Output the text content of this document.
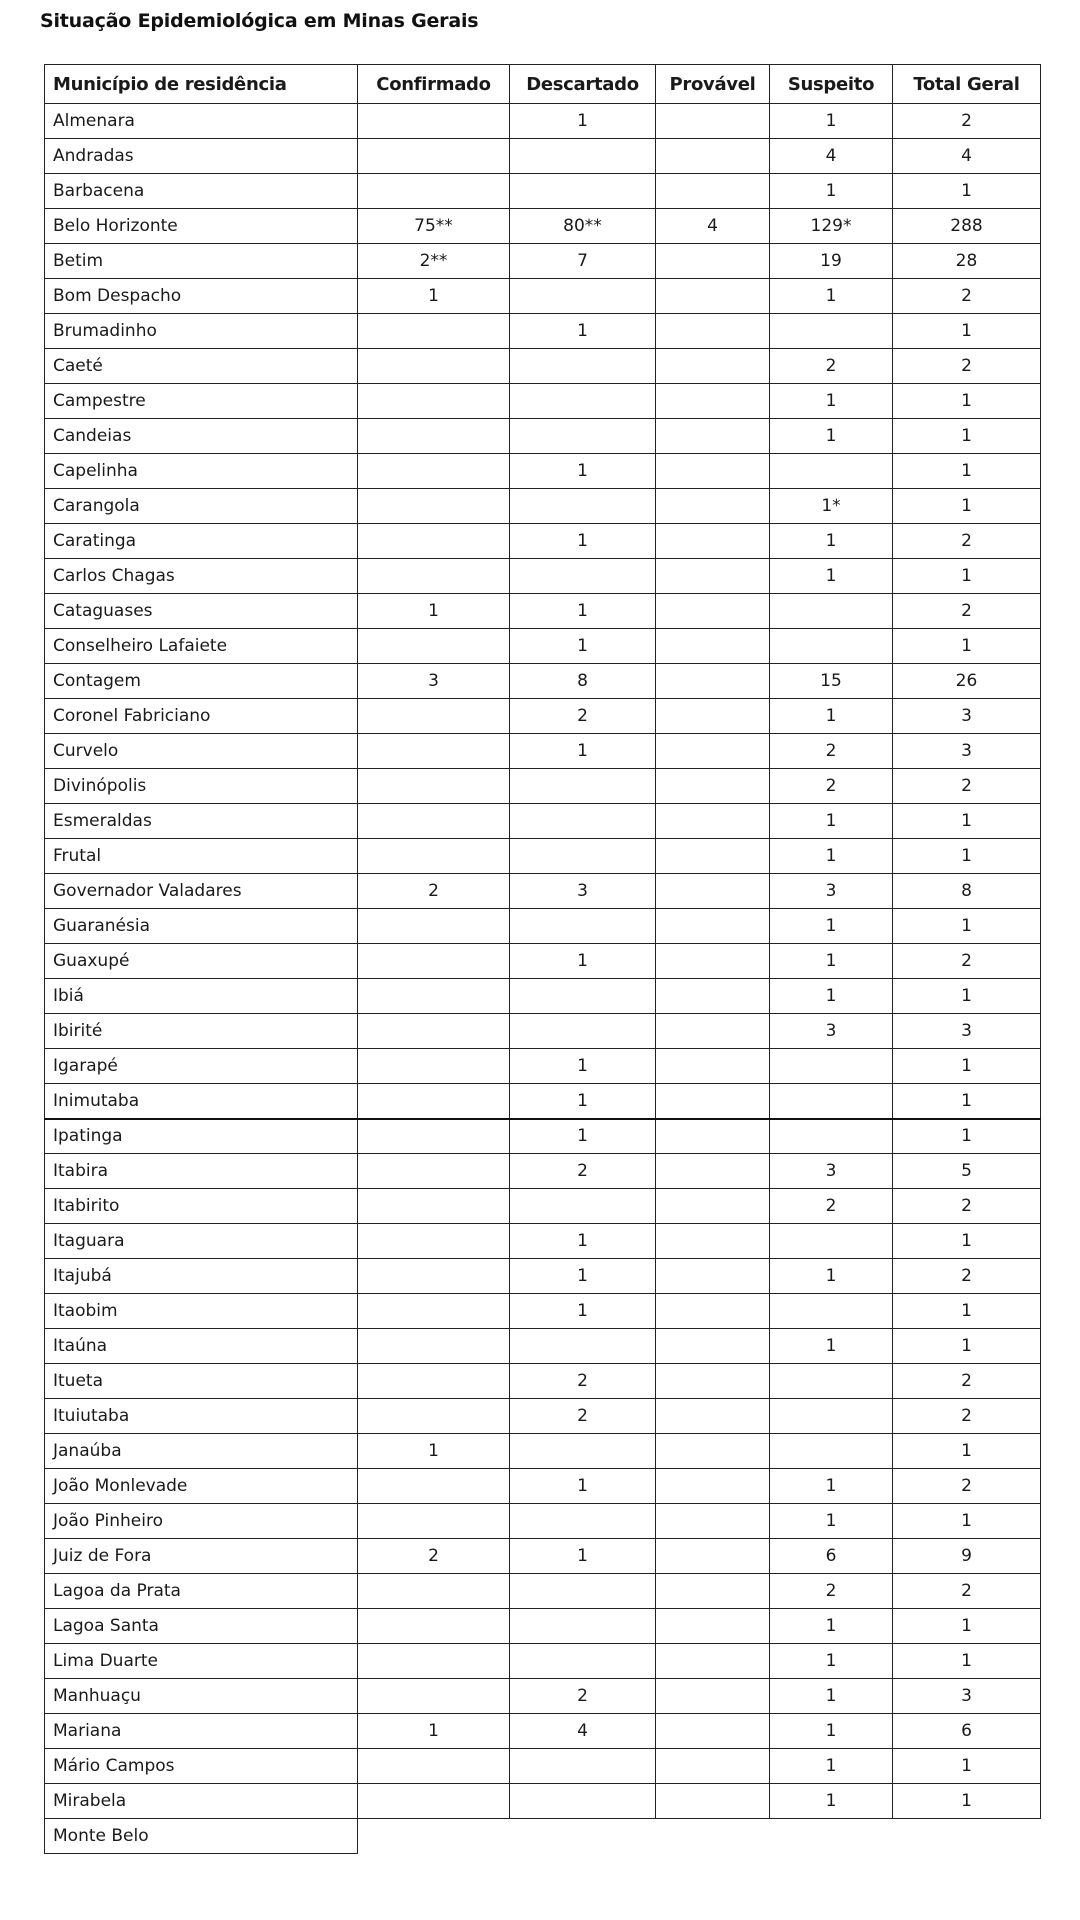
Situação Epidemiológica em Minas Gerais
Município de residência	Confirmado	Descartado	Provável	Suspeito	Total Geral
Almenara		1		1	2
Andradas				4	4
Barbacena				1	1
Belo Horizonte	75**	80**	4	129*	288
Betim	2**	7		19	28
Bom Despacho	1			1	2
Brumadinho		1			1
Caeté				2	2
Campestre				1	1
Candeias				1	1
Capelinha		1			1
Carangola				1*	1
Caratinga		1		1	2
Carlos Chagas				1	1
Cataguases	1	1			2
Conselheiro Lafaiete		1			1
Contagem	3	8		15	26
Coronel Fabriciano		2		1	3
Curvelo		1		2	3
Divinópolis				2	2
Esmeraldas				1	1
Frutal				1	1
Governador Valadares	2	3		3	8
Guaranésia				1	1
Guaxupé		1		1	2
Ibiá				1	1
Ibirité				3	3
Igarapé		1			1
Inimutaba		1			1
Ipatinga		1			1
Itabira		2		3	5
Itabirito				2	2
Itaguara		1			1
Itajubá		1		1	2
Itaobim		1			1
Itaúna				1	1
Itueta		2			2
Ituiutaba		2			2
Janaúba	1				1
João Monlevade		1		1	2
João Pinheiro				1	1
Juiz de Fora	2	1		6	9
Lagoa da Prata				2	2
Lagoa Santa				1	1
Lima Duarte				1	1
Manhuaçu		2		1	3
Mariana	1	4		1	6
Mário Campos				1	1
Mirabela				1	1
Monte Belo					
